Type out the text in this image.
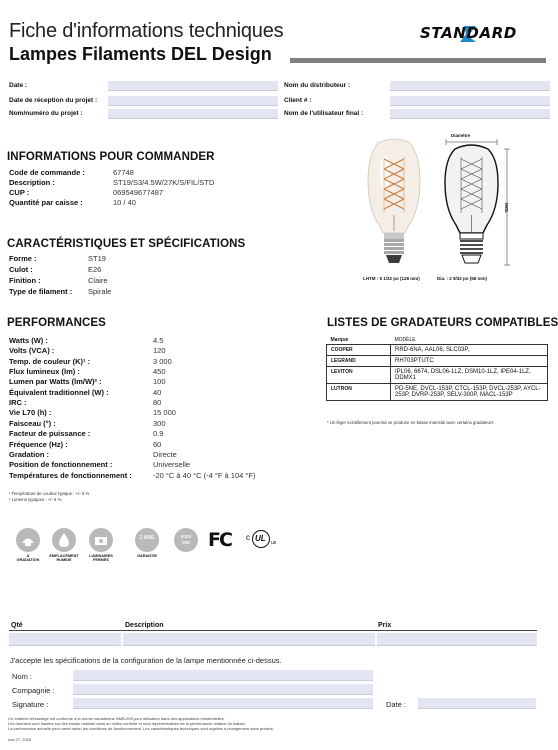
Fiche d'informations techniques
Lampes Filaments DEL Design
STANDARD
Date :
Date de réception du projet :
Nom/numéro du projet :
Nom du distributeur :
Client # :
Nom de l'utilisateur final :
INFORMATIONS POUR COMMANDER
Code de commande :	67748
Description :	ST19/S3/4.5W/27K/S/FIL/STD
CUP :	069549677487
Quantité par caisse :	10 / 40
CARACTÉRISTIQUES ET SPÉCIFICATIONS
Forme :	ST19
Culot :	E26
Finition :	Claire
Type de filament : Spirale
Diamètre
MOL
LHTM : 5 1/32 po (128 mm)	Dia. : 2 9/32 po (58 mm)
PERFORMANCES
Watts (W) :	4.5
Volts (VCA) :	120
Temp. de couleur (K)¹ :	3 000
Flux lumineux (lm) :	450
Lumen par Watts (lm/W)² :	100
Équivalent traditionnel (W) :	40
IRC :	80
Vie L70 (h) :	15 000
Faisceau (°) :	300
Facteur de puissance :	0.9
Fréquence (Hz) :	60
Gradation :	Directe
Position de fonctionnement :	Universelle
Températures de fonctionnement :	-20 °C à 40 °C (-4 °F à 104 °F)
¹ Température de couleur typique : +/- 5 %
² Lumens typiques : +/- 5 %
LISTES DE GRADATEURS COMPATIBLES
Marque	MODÈLE
COOPER	RRD-6NA, AAL06, SLC03P,
LEGRAND	RH703PTUTC
LEVITON	IPL06, 6674, DSL06-1LZ, DSM10-1LZ, IPE04-1LZ, DDMX1
LUTRON	PD-5NE, DVCL-153P, CTCL-153P, DVCL-253P, AYCL-253P, DVRP-253P, SELV-300P, MACL-153P
* Un léger scintillement pourrait se produire en basse intensité avec certains gradateurs
À
GRADATION
EMPLACEMENT
HUMIDE
LUMINAIRES
FERMÉS
2 ANS
GARANTIE
ICES
005 FC c UL us
Qté	Description	Prix
J'accepte les spécifications de la configuration de la lampe mentionnée ci-dessus.
Nom :
Compagnie :
Signature :	Date :
Ce matériel d'éclairage est conforme à la norme canadienne NMB-005 pour utilisation dans des applications résidentielles.
Les données sont basées sur des essais réalisés dans un milieu contrôlé et sont représentatives de la performance relative du ballast.
La performance actuelle peut varier selon les conditions de fonctionnement. Les caractéristiques techniques sont sujettes à changement sans préavis.
mai 27, 2020
